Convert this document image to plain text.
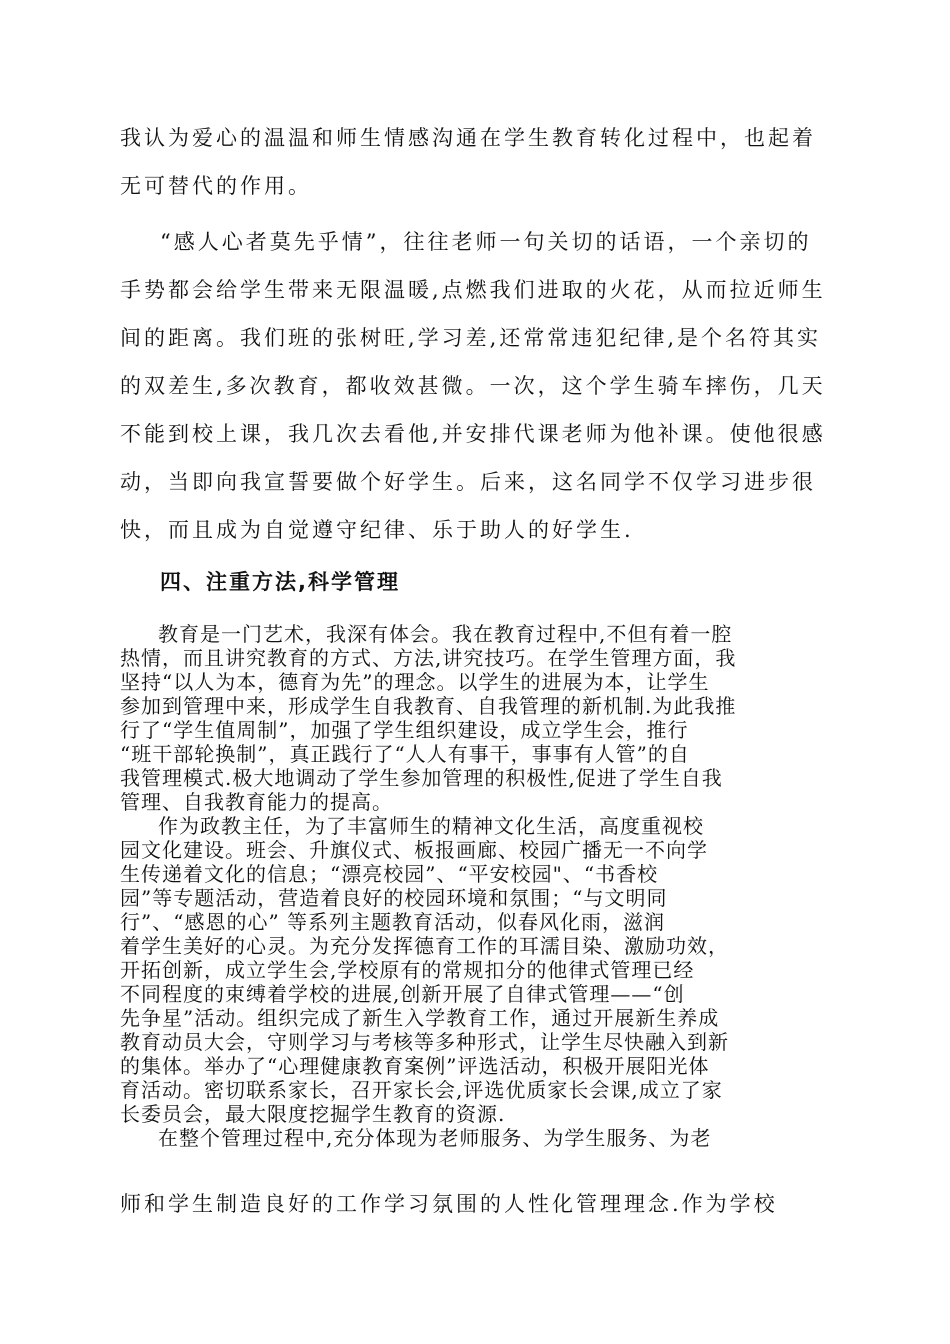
我认为爱心的温温和师生情感沟通在学生教育转化过程中，也起着
无可替代的作用。
“感人心者莫先乎情”，往往老师一句关切的话语，一个亲切的
手势都会给学生带来无限温暖,点燃我们进取的火花，从而拉近师生
间的距离。我们班的张树旺,学习差,还常常违犯纪律,是个名符其实
的双差生,多次教育，都收效甚微。一次，这个学生骑车摔伤，几天
不能到校上课，我几次去看他,并安排代课老师为他补课。使他很感
动，当即向我宣誓要做个好学生。后来，这名同学不仅学习进步很
快，而且成为自觉遵守纪律、乐于助人的好学生.
四、注重方法,科学管理
教育是一门艺术，我深有体会。我在教育过程中,不但有着一腔
热情，而且讲究教育的方式、方法,讲究技巧。在学生管理方面，我
坚持“以人为本，德育为先”的理念。以学生的进展为本，让学生
参加到管理中来，形成学生自我教育、自我管理的新机制.为此我推
行了“学生值周制”，加强了学生组织建设，成立学生会，推行
“班干部轮换制”，真正践行了“人人有事干，事事有人管”的自
我管理模式.极大地调动了学生参加管理的积极性,促进了学生自我
管理、自我教育能力的提高。
作为政教主任，为了丰富师生的精神文化生活，高度重视校
园文化建设。班会、升旗仪式、板报画廊、校园广播无一不向学
生传递着文化的信息；“漂亮校园”、“平安校园"、“书香校
园”等专题活动，营造着良好的校园环境和氛围；“与文明同
行”、“感恩的心” 等系列主题教育活动，似春风化雨，滋润
着学生美好的心灵。为充分发挥德育工作的耳濡目染、激励功效，
开拓创新，成立学生会,学校原有的常规扣分的他律式管理已经
不同程度的束缚着学校的进展,创新开展了自律式管理——“创
先争星”活动。组织完成了新生入学教育工作，通过开展新生养成
教育动员大会，守则学习与考核等多种形式，让学生尽快融入到新
的集体。举办了“心理健康教育案例”评选活动，积极开展阳光体
育活动。密切联系家长，召开家长会,评选优质家长会课,成立了家
长委员会，最大限度挖掘学生教育的资源.
在整个管理过程中,充分体现为老师服务、为学生服务、为老
师和学生制造良好的工作学习氛围的人性化管理理念.作为学校
